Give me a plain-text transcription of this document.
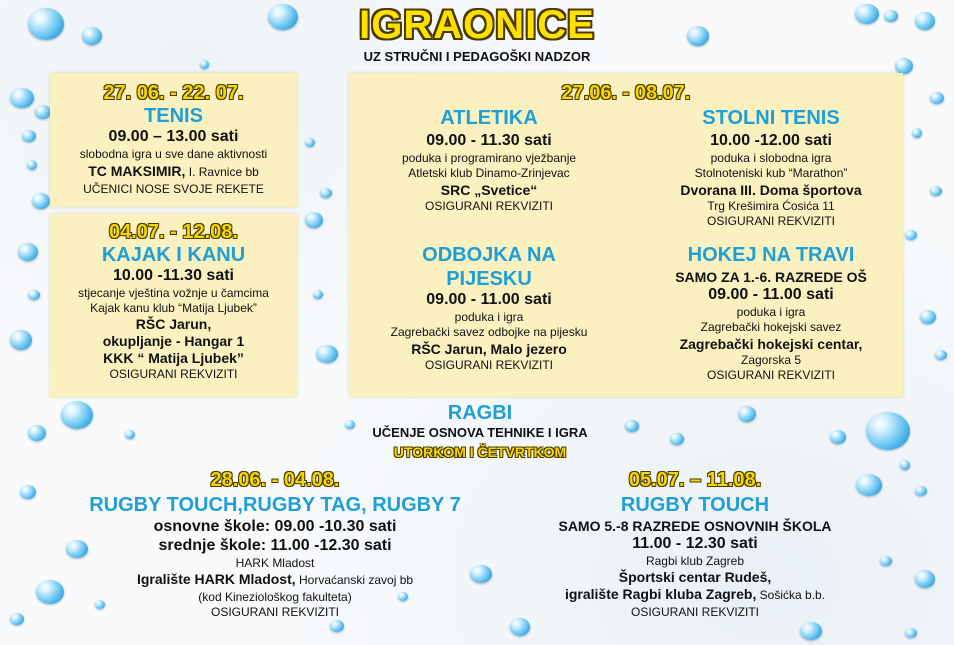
IGRAONICE
UZ STRUČNI I PEDAGOŠKI NADZOR
27. 06. - 22. 07.
TENIS
09.00 – 13.00 sati
slobodna igra u sve dane aktivnosti
TC MAKSIMIR, I. Ravnice bb
UČENICI NOSE SVOJE REKETE
04.07. - 12.08.
KAJAK I KANU
10.00 -11.30 sati
stjecanje vještina vožnje u čamcima
Kajak kanu klub “Matija Ljubek”
RŠC Jarun,
okupljanje - Hangar 1
KKK “ Matija Ljubek”
OSIGURANI REKVIZITI
27.06. - 08.07.
ATLETIKA
09.00 - 11.30 sati
poduka i programirano vježbanje
Atletski klub Dinamo-Zrinjevac
SRC „Svetice“
OSIGURANI REKVIZITI
STOLNI TENIS
10.00 -12.00 sati
poduka i slobodna igra
Stolnoteniski kub “Marathon”
Dvorana III. Doma športova
Trg Krešimira Ćosića 11
OSIGURANI REKVIZITI
ODBOJKA NA
PIJESKU
09.00 - 11.00 sati
poduka i igra
Zagrebački savez odbojke na pijesku
RŠC Jarun, Malo jezero
OSIGURANI REKVIZITI
HOKEJ NA TRAVI
SAMO ZA 1.-6. RAZREDE OŠ
09.00 - 11.00 sati
poduka i igra
Zagrebački hokejski savez
Zagrebački hokejski centar,
Zagorska 5
OSIGURANI REKVIZITI
RAGBI
UČENJE OSNOVA TEHNIKE I IGRA
UTORKOM I ČETVRTKOM
28.06. - 04.08.
RUGBY TOUCH,RUGBY TAG, RUGBY 7
osnovne škole: 09.00 -10.30 sati
srednje škole: 11.00 -12.30 sati
HARK Mladost
Igralište HARK Mladost, Horvaćanski zavoj bb
(kod Kineziološkog fakulteta)
OSIGURANI REKVIZITI
05.07. – 11.08.
RUGBY TOUCH
SAMO 5.-8 RAZREDE OSNOVNIH ŠKOLA
11.00 - 12.30 sati
Ragbi klub Zagreb
Športski centar Rudeš,
igralište Ragbi kluba Zagreb, Sošićka b.b.
OSIGURANI REKVIZITI
